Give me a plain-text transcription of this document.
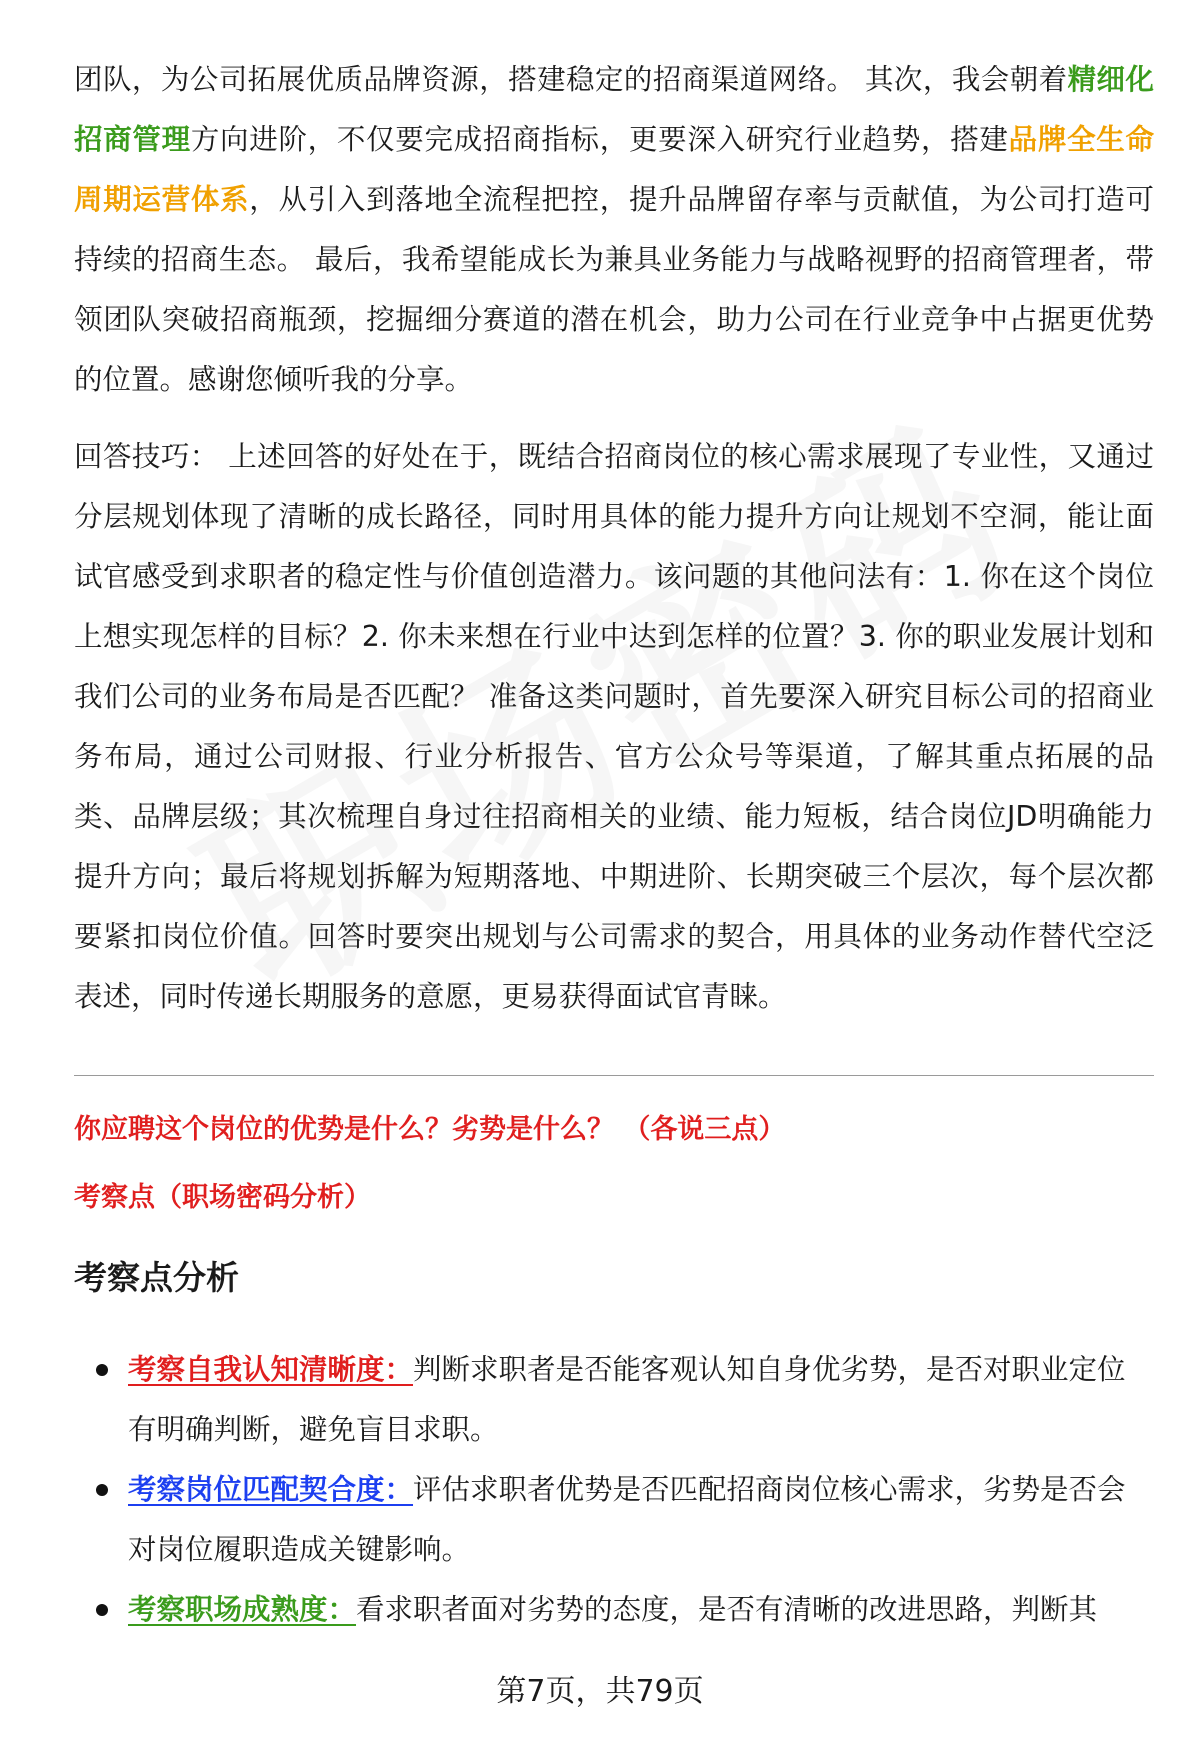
团队，为公司拓展优质品牌资源，搭建稳定的招商渠道网络。 其次，我会朝着精细化招商管理方向进阶，不仅要完成招商指标，更要深入研究行业趋势，搭建品牌全生命周期运营体系，从引入到落地全流程把控，提升品牌留存率与贡献值，为公司打造可持续的招商生态。 最后，我希望能成长为兼具业务能力与战略视野的招商管理者，带领团队突破招商瓶颈，挖掘细分赛道的潜在机会，助力公司在行业竞争中占据更优势的位置。感谢您倾听我的分享。

回答技巧： 上述回答的好处在于，既结合招商岗位的核心需求展现了专业性，又通过分层规划体现了清晰的成长路径，同时用具体的能力提升方向让规划不空洞，能让面试官感受到求职者的稳定性与价值创造潜力。该问题的其他问法有：1. 你在这个岗位上想实现怎样的目标？2. 你未来想在行业中达到怎样的位置？3. 你的职业发展计划和我们公司的业务布局是否匹配？ 准备这类问题时，首先要深入研究目标公司的招商业务布局，通过公司财报、行业分析报告、官方公众号等渠道，了解其重点拓展的品类、品牌层级；其次梳理自身过往招商相关的业绩、能力短板，结合岗位JD明确能力提升方向；最后将规划拆解为短期落地、中期进阶、长期突破三个层次，每个层次都要紧扣岗位价值。回答时要突出规划与公司需求的契合，用具体的业务动作替代空泛表述，同时传递长期服务的意愿，更易获得面试官青睐。

你应聘这个岗位的优势是什么？劣势是什么？ （各说三点）

考察点（职场密码分析）

考察点分析
考察自我认知清晰度：判断求职者是否能客观认知自身优劣势，是否对职业定位有明确判断，避免盲目求职。
考察岗位匹配契合度：评估求职者优势是否匹配招商岗位核心需求，劣势是否会对岗位履职造成关键影响。
考察职场成熟度：看求职者面对劣势的态度，是否有清晰的改进思路，判断其
第7页，共79页
